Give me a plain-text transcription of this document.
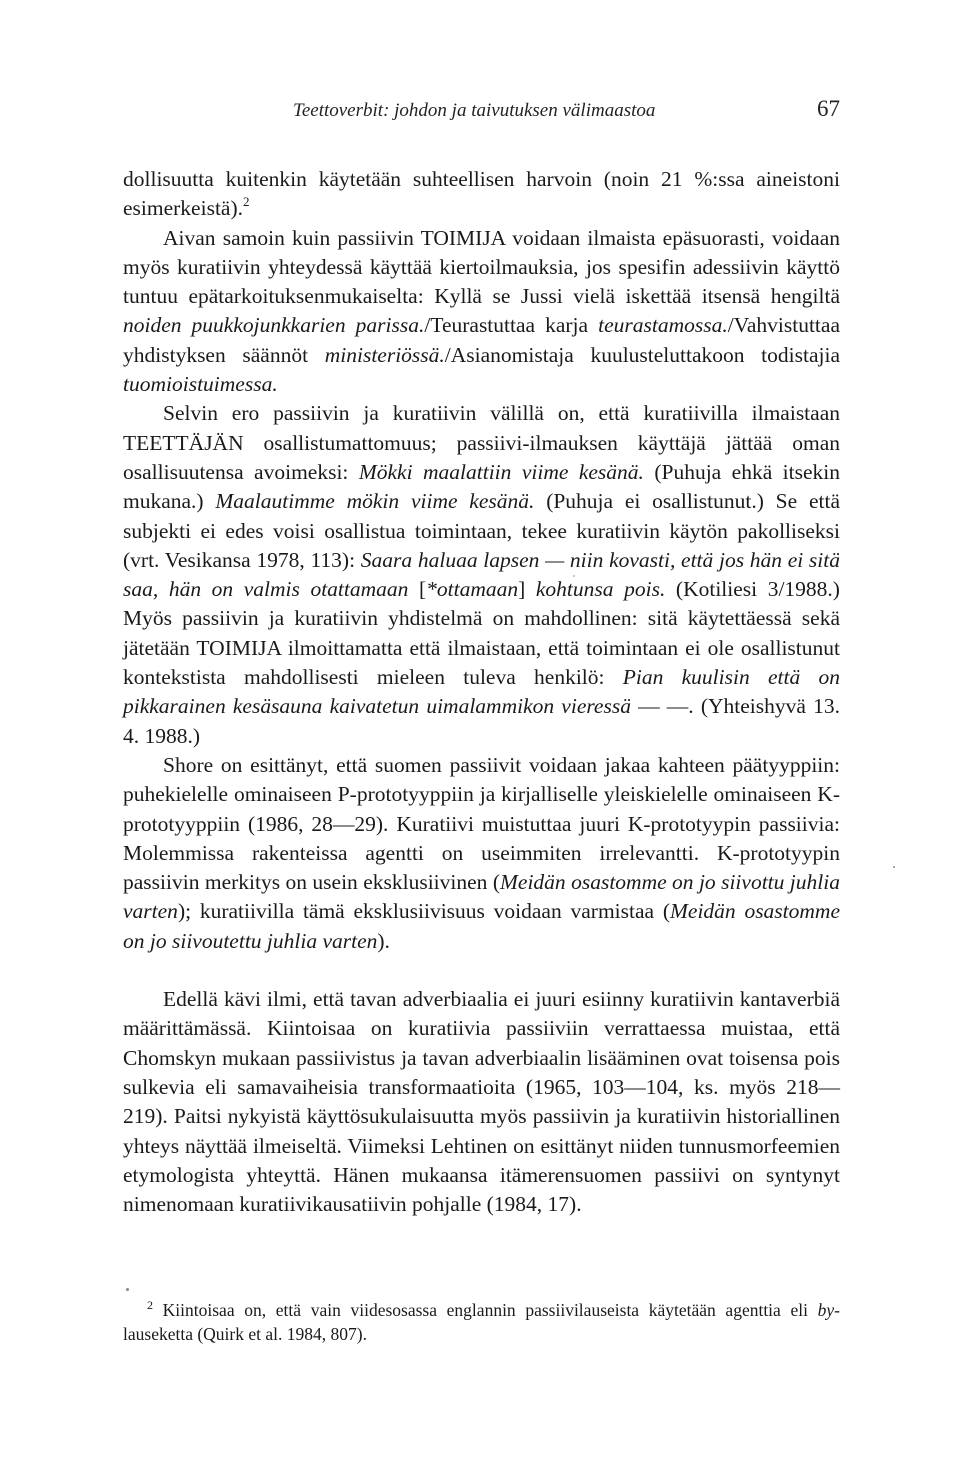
Teettoverbit: johdon ja taivutuksen välimaastoa	67

dollisuutta kuitenkin käytetään suhteellisen harvoin (noin 21 %:ssa aineistoni esimerkeistä).$^2$

Aivan samoin kuin passiivin TOIMIJA voidaan ilmaista epäsuorasti, voidaan myös kuratiivin yhteydessä käyttää kiertoilmauksia, jos spesifin adessiivin käyttö tuntuu epätarkoituksenmukaiselta: Kyllä se Jussi vielä iskettää itsensä hengiltä noiden puukkojunkkarien parissa./Teurastuttaa karja teurastamossa./Vahvistuttaa yhdistyksen säännöt ministeriössä./Asianomistaja kuulusteluttakoon todistajia tuomioistuimessa.

Selvin ero passiivin ja kuratiivin välillä on, että kuratiivilla ilmaistaan TEETTÄJÄN osallistumattomuus; passiivi-ilmauksen käyttäjä jättää oman osallisuutensa avoimeksi: Mökki maalattiin viime kesänä. (Puhuja ehkä itsekin mukana.) Maalautimme mökin viime kesänä. (Puhuja ei osallistunut.) Se että subjekti ei edes voisi osallistua toimintaan, tekee kuratiivin käytön pakolliseksi (vrt. Vesikansa 1978, 113): Saara haluaa lapsen — niin kovasti, että jos hän ei sitä saa, hän on valmis otattamaan [*ottamaan] kohtunsa pois. (Kotiliesi 3/1988.) Myös passiivin ja kuratiivin yhdistelmä on mahdollinen: sitä käytettäessä sekä jätetään TOIMIJA ilmoittamatta että ilmaistaan, että toimintaan ei ole osallistunut kontekstista mahdollisesti mieleen tuleva henkilö: Pian kuulisin että on pikkarainen kesäsauna kaivatetun uimalammikon vieressä — —. (Yhteishyvä 13. 4. 1988.)

Shore on esittänyt, että suomen passiivit voidaan jakaa kahteen päätyyppiin: puhekielelle ominaiseen P-prototyyppiin ja kirjalliselle yleiskielelle ominaiseen K-prototyyppiin (1986, 28—29). Kuratiivi muistuttaa juuri K-prototyypin passiivia: Molemmissa rakenteissa agentti on useimmiten irrelevantti. K-prototyypin passiivin merkitys on usein eksklusiivinen (Meidän osastomme on jo siivottu juhlia varten); kuratiivilla tämä eksklusiivisuus voidaan varmistaa (Meidän osastomme on jo siivoutettu juhlia varten).

Edellä kävi ilmi, että tavan adverbiaalia ei juuri esiinny kuratiivin kantaverbiä määrittämässä. Kiintoisaa on kuratiivia passiiviin verrattaessa muistaa, että Chomskyn mukaan passiivistus ja tavan adverbiaalin lisääminen ovat toisensa pois sulkevia eli samavaiheisia transformaatioita (1965, 103—104, ks. myös 218—219). Paitsi nykyistä käyttösukulaisuutta myös passiivin ja kuratiivin historiallinen yhteys näyttää ilmeiseltä. Viimeksi Lehtinen on esittänyt niiden tunnusmorfeemien etymologista yhteyttä. Hänen mukaansa itämerensuomen passiivi on syntynyt nimenomaan kuratiivikausatiivin pohjalle (1984, 17).

$^2$ Kiintoisaa on, että vain viidesosassa englannin passiivilauseista käytetään agenttia eli by-lauseketta (Quirk et al. 1984, 807).
